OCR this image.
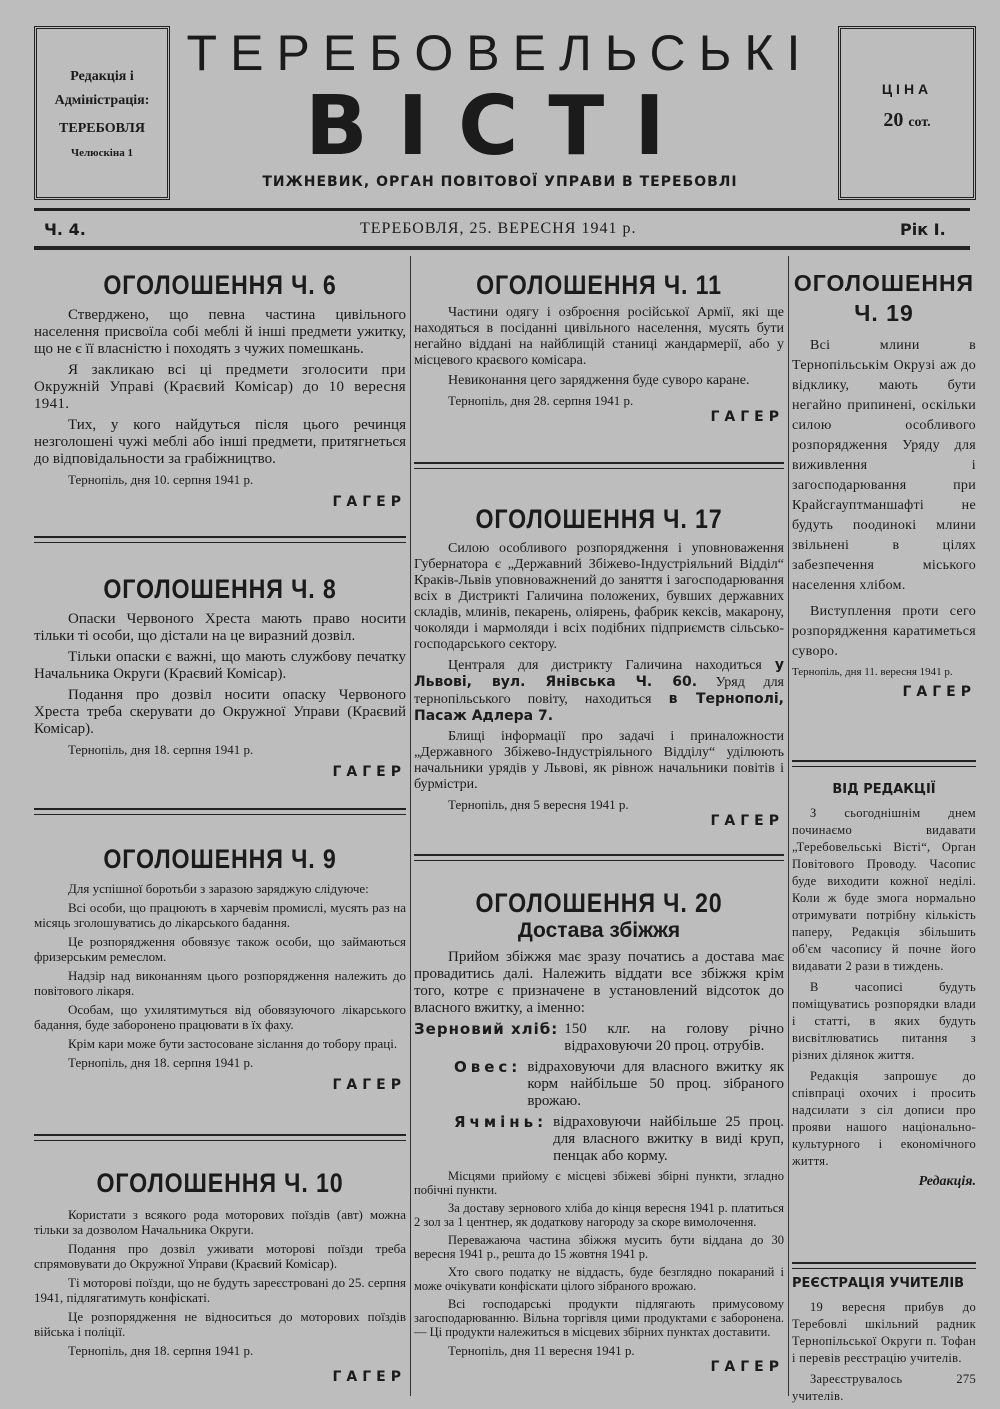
Редакція і
Адміністрація:
ТЕРЕБОВЛЯ
Челюскіна 1
ТЕРЕБОВЕЛЬСЬКІ
ВІСТІ
ТИЖНЕВИК, ОРГАН ПОВІТОВОЇ УПРАВИ В ТЕРЕБОВЛІ
ЦІНА
20 сот.
Ч. 4.	ТЕРЕБОВЛЯ, 25. ВЕРЕСНЯ 1941 р.	Рік І.
ОГОЛОШЕННЯ Ч. 6

Стверджено, що певна частина цивільного населення присвоїла собі меблі й інші предмети ужитку, що не є її власністю і походять з чужих помешкань.

Я закликаю всі ці предмети зголосити при Окружній Управі (Краєвий Комісар) до 10 вересня 1941.

Тих, у кого найдуться після цього речинця незголошені чужі меблі або інші предмети, притягнеться до відповідальности за грабіжництво.

Тернопіль, дня 10. серпня 1941 р.
ГАГЕР
ОГОЛОШЕННЯ Ч. 8

Опаски Червоного Хреста мають право носити тільки ті особи, що дістали на це виразний дозвіл.

Тільки опаски є важні, що мають службову печатку Начальника Округи (Краєвий Комісар).

Подання про дозвіл носити опаску Червоного Хреста треба скерувати до Окружної Управи (Краєвий Комісар).

Тернопіль, дня 18. серпня 1941 р.
ГАГЕР
ОГОЛОШЕННЯ Ч. 9

Для успішної боротьби з заразою заряджую слідуюче:

Всі особи, що працюють в харчевім промислі, мусять раз на місяць зголошуватись до лікарського бадання.

Це розпорядження обовязує також особи, що займаються фризерським ремеслом.

Надзір над виконанням цього розпорядження належить до повітового лікаря.

Особам, що ухилятимуться від обовязуючого лікарського бадання, буде заборонено працювати в їх фаху.

Крім кари може бути застосоване зіслання до тобору праці.

Тернопіль, дня 18. серпня 1941 р.
ГАГЕР
ОГОЛОШЕННЯ Ч. 10

Користати з всякого рода моторових поїздів (авт) можна тільки за дозволом Начальника Округи.

Подання про дозвіл уживати моторові поїзди треба спрямовувати до Окружної Управи (Краєвий Комісар).

Ті моторові поїзди, що не будуть зареєстровані до 25. серпня 1941, підлягатимуть конфіскаті.

Це розпорядження не відноситься до моторових поїздів війська і поліції.

Тернопіль, дня 18. серпня 1941 р.
ГАГЕР
ОГОЛОШЕННЯ Ч. 11

Частини одягу і озброєння російської Армії, які ще находяться в посіданні цивільного населення, мусять бути негайно віддані на найблищій станиці жандармерії, або у місцевого краєвого комісара.

Невиконання цего зарядження буде суворо каране.

Тернопіль, дня 28. серпня 1941 р.
ГАГЕР
ОГОЛОШЕННЯ Ч. 17

Силою особливого розпорядження і уповноваження Губернатора є „Державний Збіжево-Індустріяльний Відділ“ Краків-Львів уповноважнений до заняття і загосподарювання всіх в Дистрикті Галичина положених, бувших державних складів, млинів, пекарень, оліярень, фабрик кексів, макарону, чоколяди і мармоляди і всіх подібних підприємств сільсько-господарського сектору.

Централя для дистрикту Галичина находиться у Львові, вул. Янівська Ч. 60. Уряд для тернопільського повіту, находиться в Тернополі, Пасаж Адлера 7.

Блищі інформації про задачі і приналожности „Державного Збіжево-Індустріяльного Відділу“ уділюють начальники урядів у Львові, як рівнож начальники повітів і бурмістри.

Тернопіль, дня 5 вересня 1941 р.
ГАГЕР
ОГОЛОШЕННЯ Ч. 20
Достава збіжжя

Прийом збіжжя має зразу початись а достава має провадитись далі. Належить віддати все збіжжя крім того, котре є призначене в установлений відсоток до власного вжитку, а іменно:

Зерновий хліб: 150 клг. на голову річно відраховуючи 20 проц. отрубів.
Овес: відраховуючи для власного вжитку як корм найбільше 50 проц. зібраного врожаю.
Ячмінь: відраховуючи найбільше 25 проц. для власного вжитку в виді круп, пенцак або корму.

Місцями прийому є місцеві збіжеві збірні пункти, згладно побічні пункти.

За доставу зернового хліба до кінця вересня 1941 р. платиться 2 зол за 1 центнер, як додаткову нагороду за скоре вимолочення.

Переважаюча частина збіжжя мусить бути віддана до 30 вересня 1941 р., решта до 15 жовтня 1941 р.

Хто свого податку не віддасть, буде безглядно покараний і може очікувати конфіскати цілого зібраного врожаю.

Всі господарські продукти підлягають примусовому загосподарюванню. Вільна торгівля цими продуктами є заборонена. — Ці продукти належиться в місцевих збірних пунктах доставити.

Тернопіль, дня 11 вересня 1941 р.
ГАГЕР
ОГОЛОШЕННЯ
Ч. 19

Всі млини в Тернопільськім Окрузі аж до відклику, мають бути негайно припинені, оскільки силою особливого розпорядження Уряду для виживлення і загосподарювання при Крайсгауптманшафті не будуть поодинокі млини звільнені в цілях забезпечення міського населення хлібом.

Виступлення проти сего розпорядження каратиметься суворо.

Тернопіль, дня 11. вересня 1941 р.
ГАГЕР
ВІД РЕДАКЦІЇ

З сьогоднішнім днем починаємо видавати „Теребовельські Вісті“, Орган Повітового Проводу. Часопис буде виходити кожної неділі. Коли ж буде змога нормально отримувати потрібну кількість паперу, Редакція збільшить об'єм часопису й почне його видавати 2 рази в тиждень.

В часописі будуть поміщуватись розпорядки влади і статті, в яких будуть висвітлюватись питання з різних ділянок життя.

Редакція запрошує до співпраці охочих і просить надсилати з сіл дописи про прояви нашого національно-культурного і економічного життя.

Редакція.
РЕЄСТРАЦІЯ УЧИТЕЛІВ

19 вересня прибув до Теребовлі шкільний радник Тернопільської Округи п. Тофан і перевів реєстрацію учителів.

Зареєструвалось 275 учителів.
